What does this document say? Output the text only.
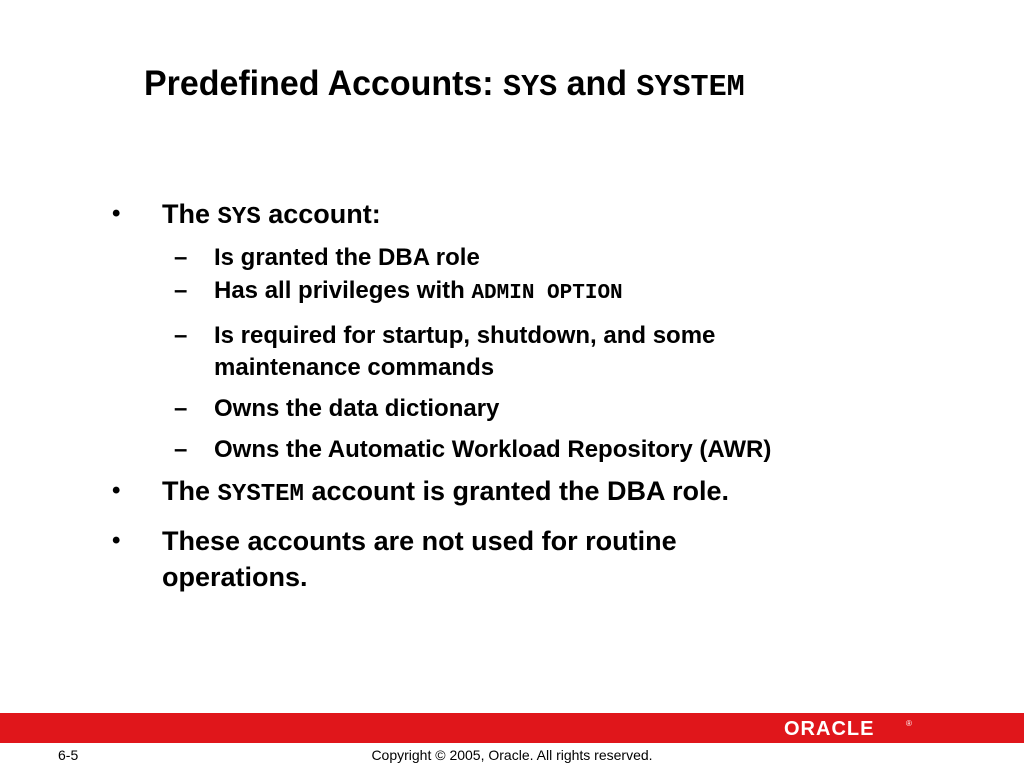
Predefined Accounts: SYS and SYSTEM
• The SYS account:
– Is granted the DBA role
– Has all privileges with ADMIN OPTION
– Is required for startup, shutdown, and some maintenance commands
– Owns the data dictionary
– Owns the Automatic Workload Repository (AWR)
• The SYSTEM account is granted the DBA role.
• These accounts are not used for routine operations.
ORACLE	®
6-5	Copyright © 2005, Oracle. All rights reserved.
